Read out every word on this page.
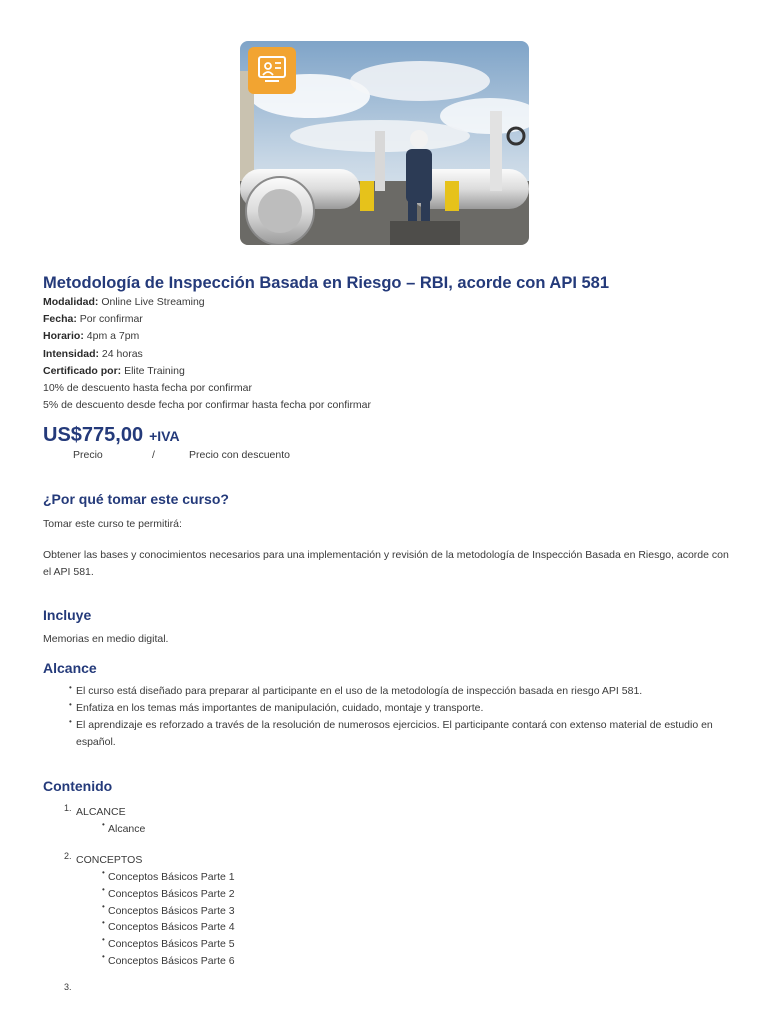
Metodología de Inspección Basada en Riesgo – RBI, acorde con API 581
Modalidad: Online Live Streaming
Fecha: Por confirmar
Horario: 4pm a 7pm
Intensidad: 24 horas
Certificado por: Elite Training
10% de descuento hasta fecha por confirmar
5% de descuento desde fecha por confirmar hasta fecha por confirmar
US$775,00 +IVA
Precio	/	Precio con descuento
¿Por qué tomar este curso?

Tomar este curso te permitirá:

Obtener las bases y conocimientos necesarios para una implementación y revisión de la metodología de Inspección Basada en Riesgo, acorde con el API 581.

Incluye

Memorias en medio digital.

Alcance
• El curso está diseñado para preparar al participante en el uso de la metodología de inspección basada en riesgo API 581.
• Enfatiza en los temas más importantes de manipulación, cuidado, montaje y transporte.
• El aprendizaje es reforzado a través de la resolución de numerosos ejercicios. El participante contará con extenso material de estudio en español.
Contenido
1. ALCANCE
• Alcance
2. CONCEPTOS
• Conceptos Básicos Parte 1
• Conceptos Básicos Parte 2
• Conceptos Básicos Parte 3
• Conceptos Básicos Parte 4
• Conceptos Básicos Parte 5
• Conceptos Básicos Parte 6
3.
